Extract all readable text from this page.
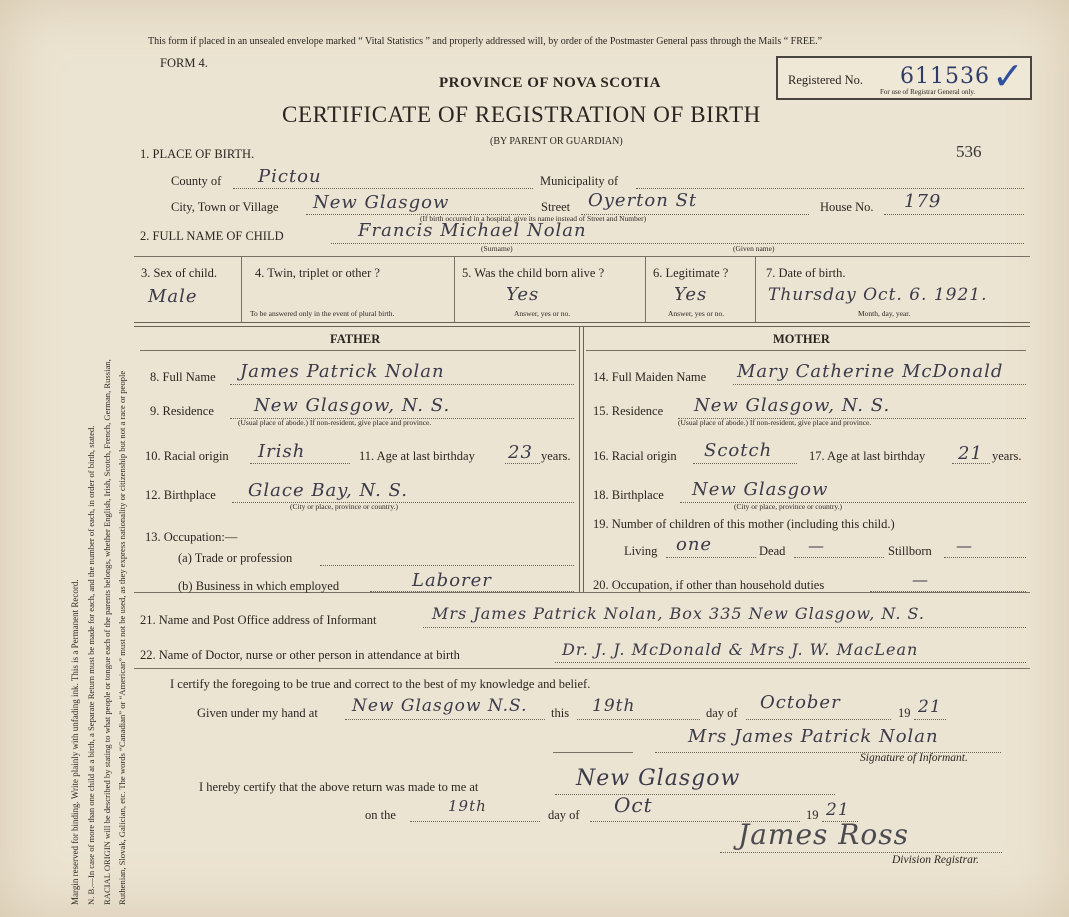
Margin reserved for binding. Write plainly with unfading ink. This is a Permanent Record. N. B.—In case of more than one child at a birth, a Separate Return must be made for each, and the number of each, in order of birth, stated. RACIAL ORIGIN will be described by stating to what people or tongue each of the parents belongs, whether English, Irish, Scotch, French, German, Russian, Ruthenian, Slovak, Galician, etc. The words “Canadian” or “American” must not be used, as they express nationality or citizenship but not a race or people
This form if placed in an unsealed envelope marked “ Vital Statistics ” and properly addressed will, by order of the Postmaster General pass through the Mails “ FREE.”
FORM 4.
PROVINCE OF NOVA SCOTIA
CERTIFICATE OF REGISTRATION OF BIRTH
(BY PARENT OR GUARDIAN)
Registered No. 611536
For use of Registrar General only. ✓
536
1. PLACE OF BIRTH.
County of Pictou	Municipality of
City, Town or Village New Glasgow	Street Oyerton St
(If birth occurred in a hospital, give its name instead of Street and Number)
House No. 179
2. FULL NAME OF CHILD	Francis Michael Nolan
(Surname)	(Given name)
3. Sex of child.
Male
4. Twin, triplet or other ?
To be answered only in the event of plural birth.
5. Was the child born alive ?
Yes
Answer, yes or no.
6. Legitimate ?
Yes
Answer, yes or no.
7. Date of birth.
Thursday Oct. 6. 1921.
Month, day, year.
FATHER	MOTHER
8. Full Name James Patrick Nolan
9. Residence New Glasgow, N. S.
(Usual place of abode.) If non-resident, give place and province.
10. Racial origin Irish	11. Age at last birthday 23 years.
12. Birthplace Glace Bay, N. S.
(City or place, province or country.)
13. Occupation:—
(a) Trade or profession
(b) Business in which employed	Laborer
14. Full Maiden Name Mary Catherine McDonald
15. Residence New Glasgow, N. S.
(Usual place of abode.) If non-resident, give place and province.
16. Racial origin Scotch	17. Age at last birthday 21 years.
18. Birthplace New Glasgow
(City or place, province or country.)
19. Number of children of this mother (including this child.)
Living one	Dead —	Stillborn —
20. Occupation, if other than household duties	—
21. Name and Post Office address of Informant	Mrs James Patrick Nolan, Box 335 New Glasgow, N. S.
22. Name of Doctor, nurse or other person in attendance at birth	Dr. J. J. McDonald & Mrs J. W. MacLean
I certify the foregoing to be true and correct to the best of my knowledge and belief.
Given under my hand at New Glasgow N.S. this 19th	day of October	19 21
Mrs James Patrick Nolan
Signature of Informant.
I hereby certify that the above return was made to me at	New Glasgow
on the	19th	day of Oct	19 21
James Ross
Division Registrar.
